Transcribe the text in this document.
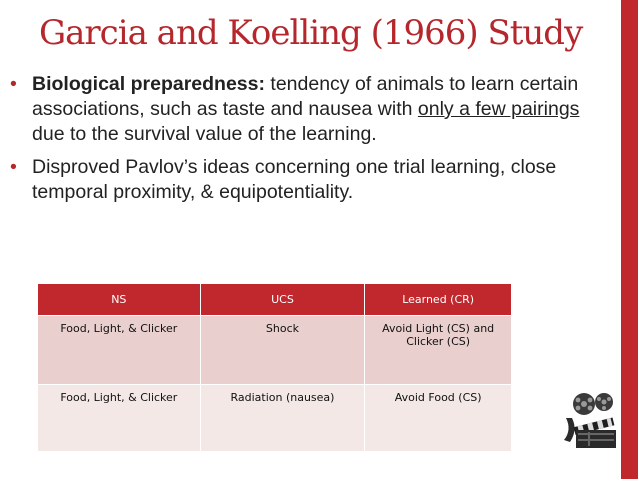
Garcia and Koelling (1966) Study
• Biological preparedness: tendency of animals to learn certain associations, such as taste and nausea with only a few pairings due to the survival value of the learning.
• Disproved Pavlov’s ideas concerning one trial learning, close temporal proximity, & equipotentiality.
NS	UCS	Learned (CR)
Food, Light, & Clicker	Shock	Avoid Light (CS) and Clicker (CS)
Food, Light, & Clicker	Radiation (nausea)	Avoid Food (CS)
